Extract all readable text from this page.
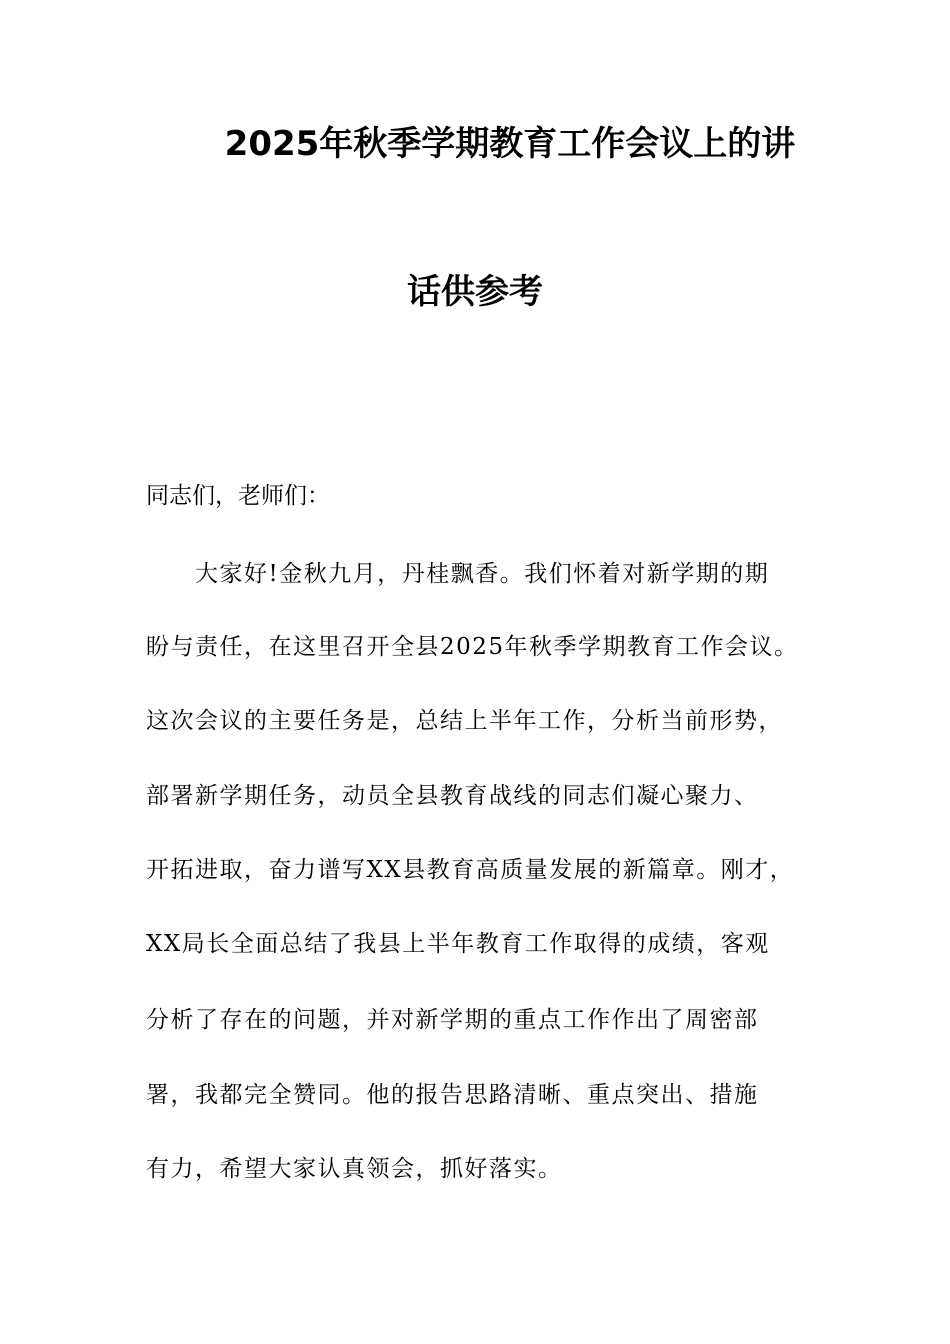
2025年秋季学期教育工作会议上的讲
话供参考
同志们，老师们：
大家好!金秋九月，丹桂飘香。我们怀着对新学期的期
盼与责任，在这里召开全县2025年秋季学期教育工作会议。
这次会议的主要任务是，总结上半年工作，分析当前形势，
部署新学期任务，动员全县教育战线的同志们凝心聚力、
开拓进取，奋力谱写XX县教育高质量发展的新篇章。刚才，
XX局长全面总结了我县上半年教育工作取得的成绩，客观
分析了存在的问题，并对新学期的重点工作作出了周密部
署，我都完全赞同。他的报告思路清晰、重点突出、措施
有力，希望大家认真领会，抓好落实。
